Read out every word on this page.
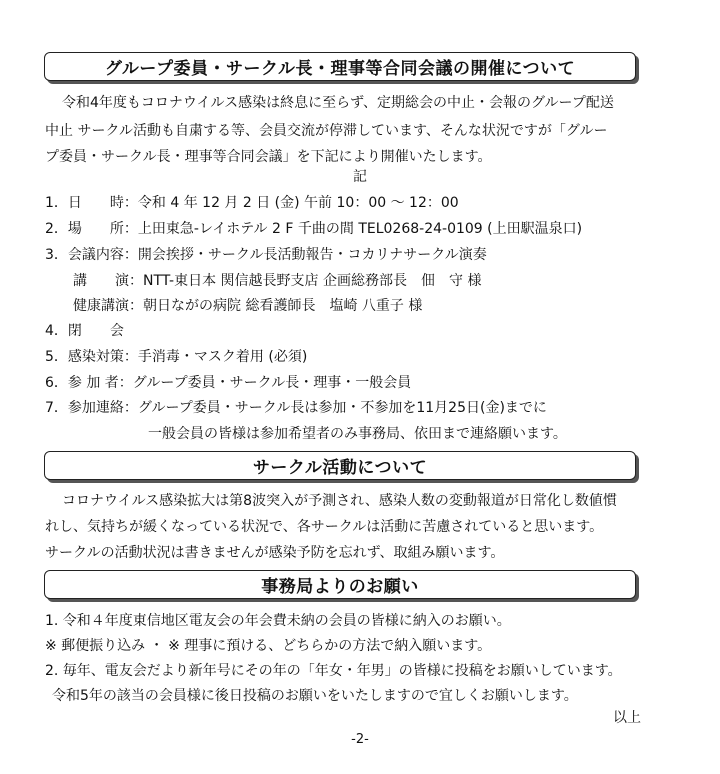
グループ委員・サークル長・理事等合同会議の開催について
令和4年度もコロナウイルス感染は終息に至らず、定期総会の中止・会報のグループ配送
中止 サークル活動も自粛する等、会員交流が停滞しています、そんな状況ですが「グルー
プ委員・サークル長・理事等合同会議」を下記により開催いたします。
記
1．日　　時：令和 4 年 12 月 2 日 (金) 午前 10：00 ～ 12：00
2．場　　所：上田東急-レイホテル 2 F 千曲の間 TEL0268-24-0109 (上田駅温泉口)
3．会議内容：開会挨拶・サークル長活動報告・コカリナサークル演奏
講　　演：NTT-東日本 関信越長野支店 企画総務部長　佃　守 様
健康講演：朝日ながの病院 総看護師長　塩崎 八重子 様
4．閉　　会
5．感染対策：手消毒・マスク着用 (必須)
6．参 加 者：グループ委員・サークル長・理事・一般会員
7．参加連絡：グループ委員・サークル長は参加・不参加を11月25日(金)までに
一般会員の皆様は参加希望者のみ事務局、依田まで連絡願います。
サークル活動について
コロナウイルス感染拡大は第8波突入が予測され、感染人数の変動報道が日常化し数値慣
れし、気持ちが緩くなっている状況で、各サークルは活動に苦慮されていると思います。
サークルの活動状況は書きませんが感染予防を忘れず、取組み願います。
事務局よりのお願い
1. 令和４年度東信地区電友会の年会費未納の会員の皆様に納入のお願い。
※ 郵便振り込み ・ ※ 理事に預ける、どちらかの方法で納入願います。
2. 毎年、電友会だより新年号にその年の「年女・年男」の皆様に投稿をお願いしています。
令和5年の該当の会員様に後日投稿のお願いをいたしますので宜しくお願いします。
以上
-2-
